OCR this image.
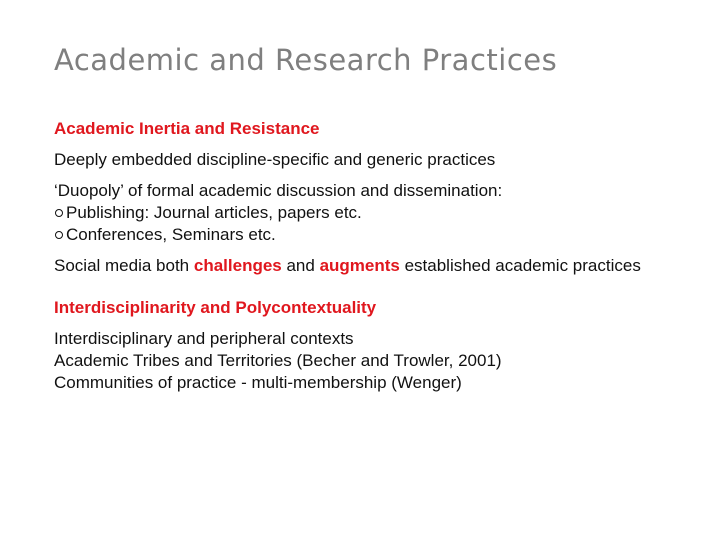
Academic and Research Practices
Academic Inertia and Resistance
Deeply embedded discipline-specific and generic practices
‘Duopoly’ of formal academic discussion and dissemination:
Publishing: Journal articles, papers etc.
Conferences, Seminars etc.
Social media both challenges and augments established academic practices
Interdisciplinarity and Polycontextuality
Interdisciplinary and peripheral contexts
Academic Tribes and Territories (Becher and Trowler, 2001)
Communities of practice - multi-membership (Wenger)
